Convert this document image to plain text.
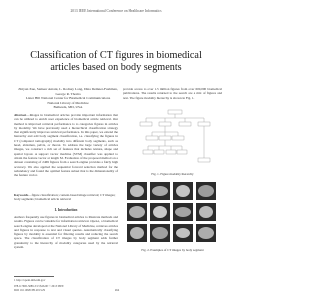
2013 IEEE International Conference on Healthcare Informatics
Classification of CT figures in biomedical articles based on body segments
Zhiyun Xue, Sameer Antani, L. Rodney Long, Dina Demner-Fushman, George R. Thoma
Lister Hill National Center for Biomedical Communications
National Library of Medicine
Bethesda, MD, USA
Abstract—Images in biomedical articles provide important information that can be utilized to enrich user experience of biomedical article retrieval. Our method is improved retrieval performance is to categorize figures in articles by modality. We have previously used a hierarchical classification strategy that significantly improves retrieval performance. In this paper, we extend the hierarchy and add body segment classification, i.e. classifying the figures in CT (computed tomography) modality into different body segments, such as head, abdomen, pelvis, or thorax. To address the large variety of articles images, we construct a rich set of features that includes texture, shape and spatial layout. A support vector machine (SVM) classifier was applied to obtain the feature vector at length M. Evaluation of the proposed method on a dataset consisting of 2469 figures from a search engine provides a fairly high accuracy. We also applied the sequential forward selection method for the redundancy and found the optimal feature subset that is the dimensionality of the feature vector.
Keywords—figure classification; content-based image retrieval; CT images; body segments; biomedical article retrieval
I. Introduction
Authors frequently use figures in biomedical articles to illustrate methods and results. Figures can be valuable for information retrieval. Open-i, a biomedical search engine developed at the National Library of Medicine, retrieves articles and figures in response to text and visual queries. Automatically classifying figures by modality is essential for filtering results and reducing the search space. The classification of CT images by body segment adds further granularity to the hierarchy of modality categories used by the retrieval system.
1 http://openi.nlm.nih.gov
978-0-7695-5089-3/13 $26.00 © 2013 IEEE
DOI 10.1109/ICHI.2013.29	264
provide access to over 1.5 million figures from over 600,000 biomedical publications. The results returned to the search are a mix of figures and text. The figure modality hierarchy is shown in Fig. 1.
Fig. 1. Figure modality hierarchy
Fig. 2. Examples of CT images by body segment
